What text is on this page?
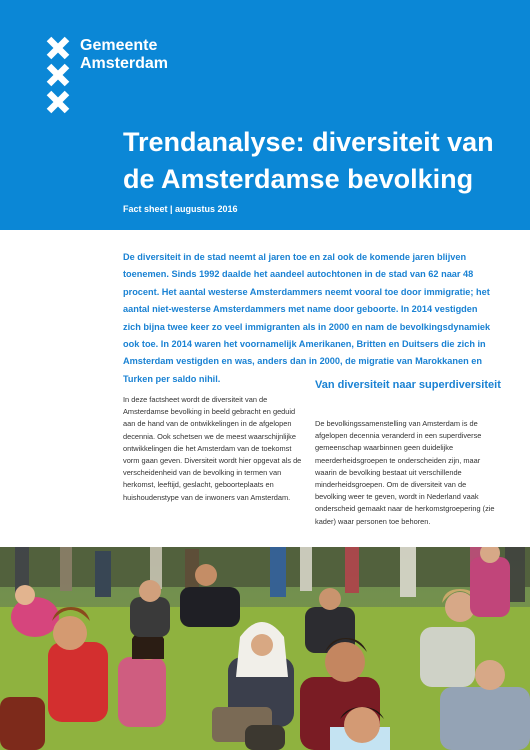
Gemeente
Amsterdam
Trendanalyse: diversiteit van
de Amsterdamse bevolking
Fact sheet | augustus 2016

De diversiteit in de stad neemt al jaren toe en zal ook de komende jaren blijven toenemen. Sinds 1992 daalde het aandeel autochtonen in de stad van 62 naar 48 procent. Het aantal westerse Amsterdammers neemt vooral toe door immigratie; het aantal niet-westerse Amsterdammers met name door geboorte. In 2014 vestigden zich bijna twee keer zo veel immigranten als in 2000 en nam de bevolkingsdynamiek ook toe. In 2014 waren het voornamelijk Amerikanen, Britten en Duitsers die zich in Amsterdam vestigden en was, anders dan in 2000, de migratie van Marokkanen en Turken per saldo nihil.

In deze factsheet wordt de diversiteit van de Amsterdamse bevolking in beeld gebracht en geduid aan de hand van de ontwikkelingen in de afgelopen decennia. Ook schetsen we de meest waarschijnlijke ontwikkelingen die het Amsterdam van de toekomst vorm gaan geven. Diversiteit wordt hier opgevat als de verscheidenheid van de bevolking in termen van herkomst, leeftijd, geslacht, geboorteplaats en huishoudenstype van de inwoners van Amsterdam.

Van diversiteit naar superdiversiteit

De bevolkingssamenstelling van Amsterdam is de afgelopen decennia veranderd in een superdiverse gemeenschap waarbinnen geen duidelijke meerderheidsgroepen te onderscheiden zijn, maar waarin de bevolking bestaat uit verschillende minderheidsgroepen. Om de diversiteit van de bevolking weer te geven, wordt in Nederland vaak onderscheid gemaakt naar de herkomstgroepering (zie kader) waar personen toe behoren.
